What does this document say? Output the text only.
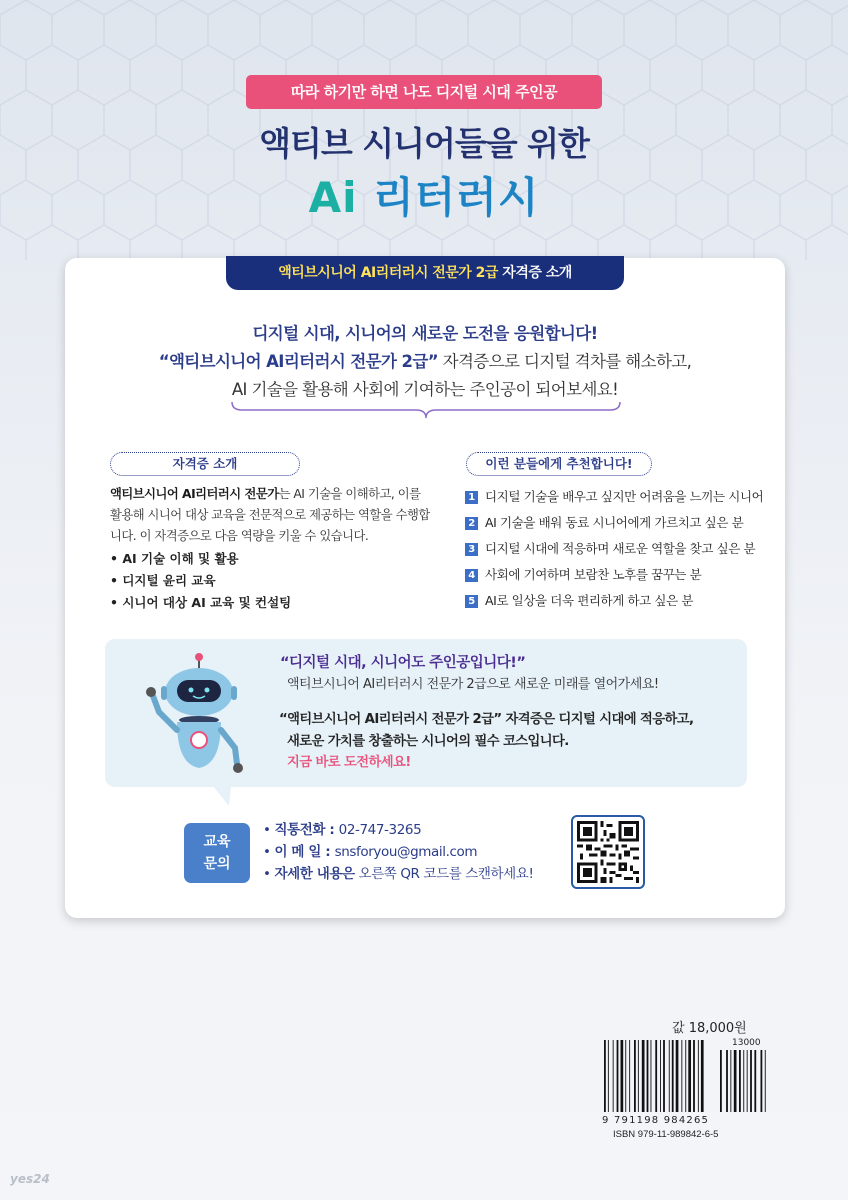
따라 하기만 하면 나도 디지털 시대 주인공
액티브 시니어들을 위한
Ai 리터러시
액티브시니어 AI리터러시 전문가 2급 자격증 소개
디지털 시대, 시니어의 새로운 도전을 응원합니다!
“액티브시니어 AI리터러시 전문가 2급” 자격증으로 디지털 격차를 해소하고,
AI 기술을 활용해 사회에 기여하는 주인공이 되어보세요!
자격증 소개	이런 분들에게 추천합니다!
액티브시니어 AI리터러시 전문가는 AI 기술을 이해하고, 이를 활용해 시니어 대상 교육을 전문적으로 제공하는 역할을 수행합니다. 이 자격증으로 다음 역량을 키울 수 있습니다.
• AI 기술 이해 및 활용
• 디지털 윤리 교육
• 시니어 대상 AI 교육 및 컨설팅
1 디지털 기술을 배우고 싶지만 어려움을 느끼는 시니어
2 AI 기술을 배워 동료 시니어에게 가르치고 싶은 분
3 디지털 시대에 적응하며 새로운 역할을 찾고 싶은 분
4 사회에 기여하며 보람찬 노후를 꿈꾸는 분
5 AI로 일상을 더욱 편리하게 하고 싶은 분
“디지털 시대, 시니어도 주인공입니다!”
액티브시니어 AI리터러시 전문가 2급으로 새로운 미래를 열어가세요!
“액티브시니어 AI리터러시 전문가 2급” 자격증은 디지털 시대에 적응하고,
새로운 가치를 창출하는 시니어의 필수 코스입니다.
지금 바로 도전하세요!
교육
문의
• 직통전화 : 02-747-3265
• 이 메 일 : snsforyou@gmail.com
• 자세한 내용은 오른쪽 QR 코드를 스캔하세요!
값 18,000원
13000
9 791198 984265
ISBN 979-11-989842-6-5
yes24
